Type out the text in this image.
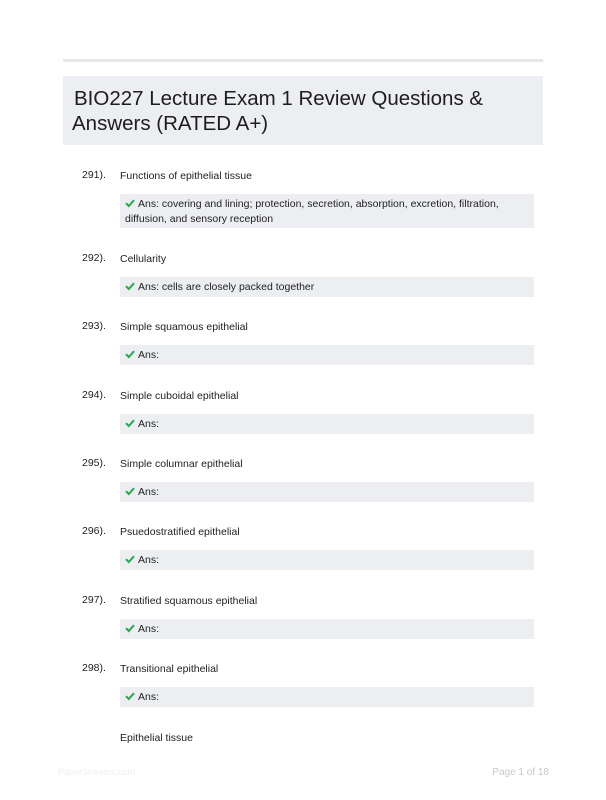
BIO227 Lecture Exam 1 Review Questions & Answers (RATED A+)
291). Functions of epithelial tissue
Ans: covering and lining; protection, secretion, absorption, excretion, filtration, diffusion, and sensory reception
292). Cellularity
Ans: cells are closely packed together
293). Simple squamous epithelial
Ans:
294). Simple cuboidal epithelial
Ans:
295). Simple columnar epithelial
Ans:
296). Psuedostratified epithelial
Ans:
297). Stratified squamous epithelial
Ans:
298). Transitional epithelial
Ans:
Epithelial tissue
PaperStreams.com	Page 1 of 18
